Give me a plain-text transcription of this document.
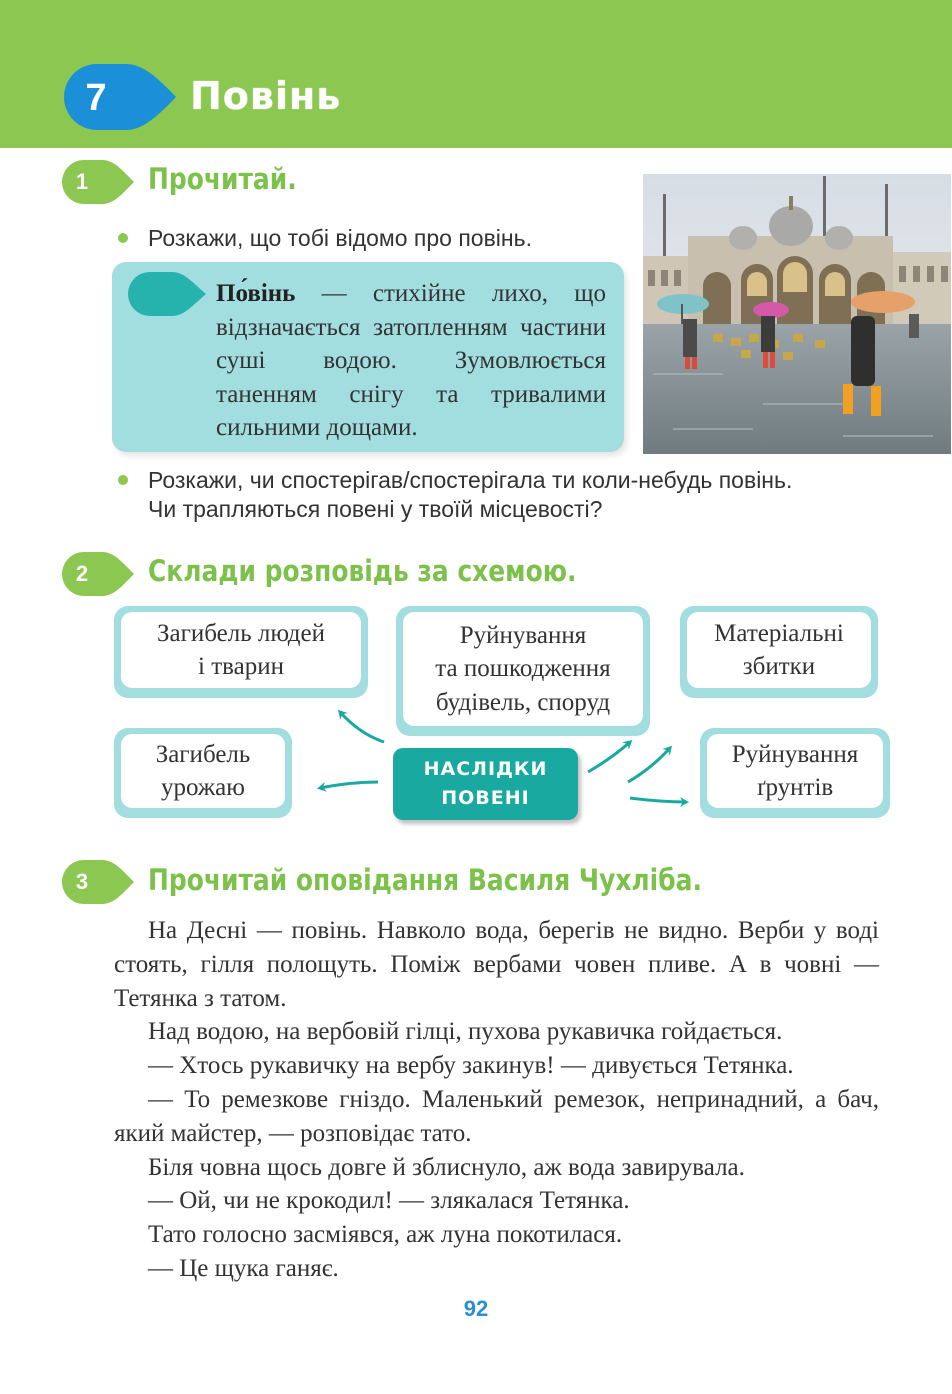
7	Повінь
1	Прочитай.
Розкажи, що тобі відомо про повінь.
По́вінь — стихійне лихо, що відзначається затопленням частини суші водою. Зумовлюється таненням снігу та тривалими сильними дощами.
Розкажи, чи спостерігав/спостерігала ти коли-небудь повінь.
Чи трапляються повені у твоїй місцевості?
2	Склади розповідь за схемою.
Загибель людей
і тварин
Руйнування
та пошкодження
будівель, споруд
Матеріальні
збитки
Загибель
урожаю
Руйнування
ґрунтів
НАСЛІДКИ
ПОВЕНІ
3	Прочитай оповідання Василя Чухліба.

На Десні — повінь. Навколо вода, берегів не видно. Верби у воді стоять, гілля полощуть. Поміж вербами човен пливе. А в човні — Тетянка з татом.

Над водою, на вербовій гілці, пухова рукавичка гойдається.

— Хтось рукавичку на вербу закинув! — дивується Тетянка.

— То ремезкове гніздо. Маленький ремезок, непринадний, а бач, який майстер, — розповідає тато.

Біля човна щось довге й зблиснуло, аж вода завирувала.

— Ой, чи не крокодил! — злякалася Тетянка.

Тато голосно засміявся, аж луна покотилася.

— Це щука ганяє.

92
